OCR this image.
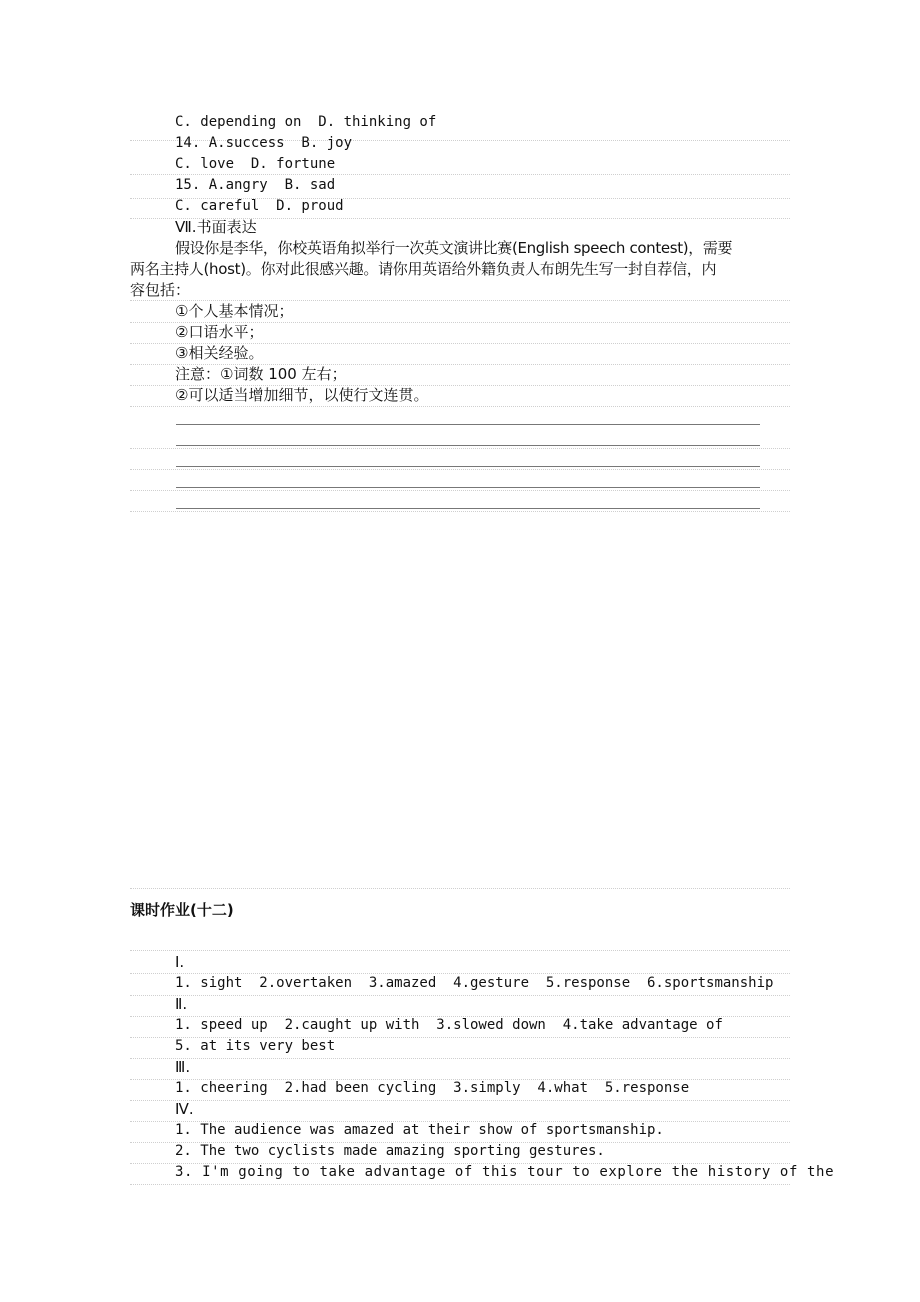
C. depending on  D. thinking of
14. A.success  B. joy
C. love  D. fortune
15. A.angry  B. sad
C. careful  D. proud
Ⅶ.书面表达
假设你是李华，你校英语角拟举行一次英文演讲比赛(English speech contest)，需要
两名主持人(host)。你对此很感兴趣。请你用英语给外籍负责人布朗先生写一封自荐信，内
容包括：
①个人基本情况；
②口语水平；
③相关经验。
注意：①词数 100 左右；
②可以适当增加细节，以使行文连贯。
课时作业(十二)
Ⅰ.
1. sight  2.overtaken  3.amazed  4.gesture  5.response  6.sportsmanship
Ⅱ.
1. speed up  2.caught up with  3.slowed down  4.take advantage of
5. at its very best
Ⅲ.
1. cheering  2.had been cycling  3.simply  4.what  5.response
Ⅳ.
1. The audience was amazed at their show of sportsmanship.
2. The two cyclists made amazing sporting gestures.
3. I'm going to take advantage of this tour to explore the history of the
